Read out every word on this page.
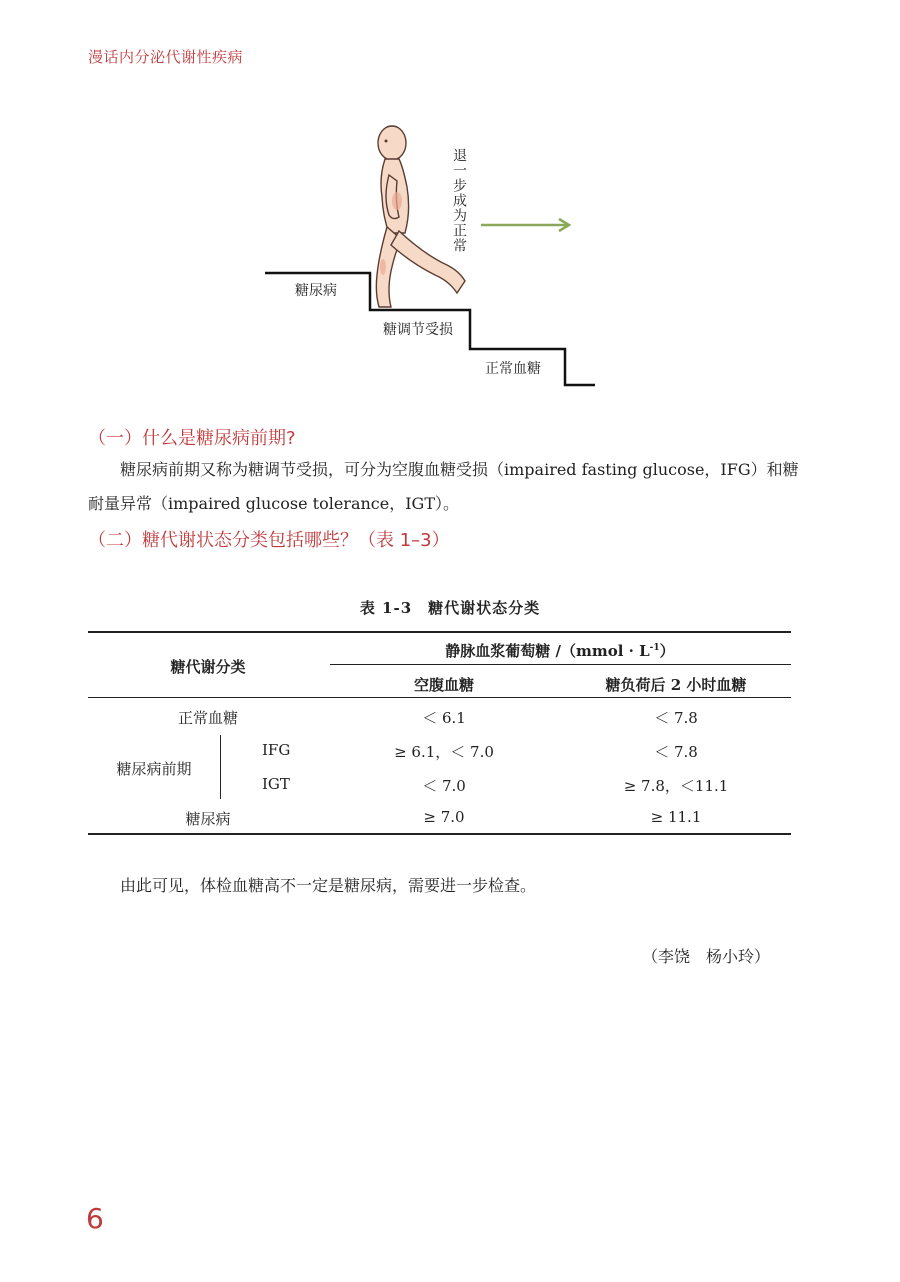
漫话内分泌代谢性疾病
糖尿病
糖调节受损
正常血糖
退一步成为正常
（一）什么是糖尿病前期?

糖尿病前期又称为糖调节受损，可分为空腹血糖受损（impaired fasting glucose，IFG）和糖耐量异常（impaired glucose tolerance，IGT）。

（二）糖代谢状态分类包括哪些？（表 1–3）
表 1-3　糖代谢状态分类
糖代谢分类
静脉血浆葡萄糖 /（mmol · $L^{-1}$）
空腹血糖	糖负荷后 2 小时血糖
正常血糖	＜ 6.1	＜ 7.8
糖尿病前期
IFG	≥ 6.1，＜ 7.0	＜ 7.8
IGT	＜ 7.0	≥ 7.8，＜11.1
糖尿病	≥ 7.0	≥ 11.1

由此可见，体检血糖高不一定是糖尿病，需要进一步检查。

（李饶　杨小玲）
6
